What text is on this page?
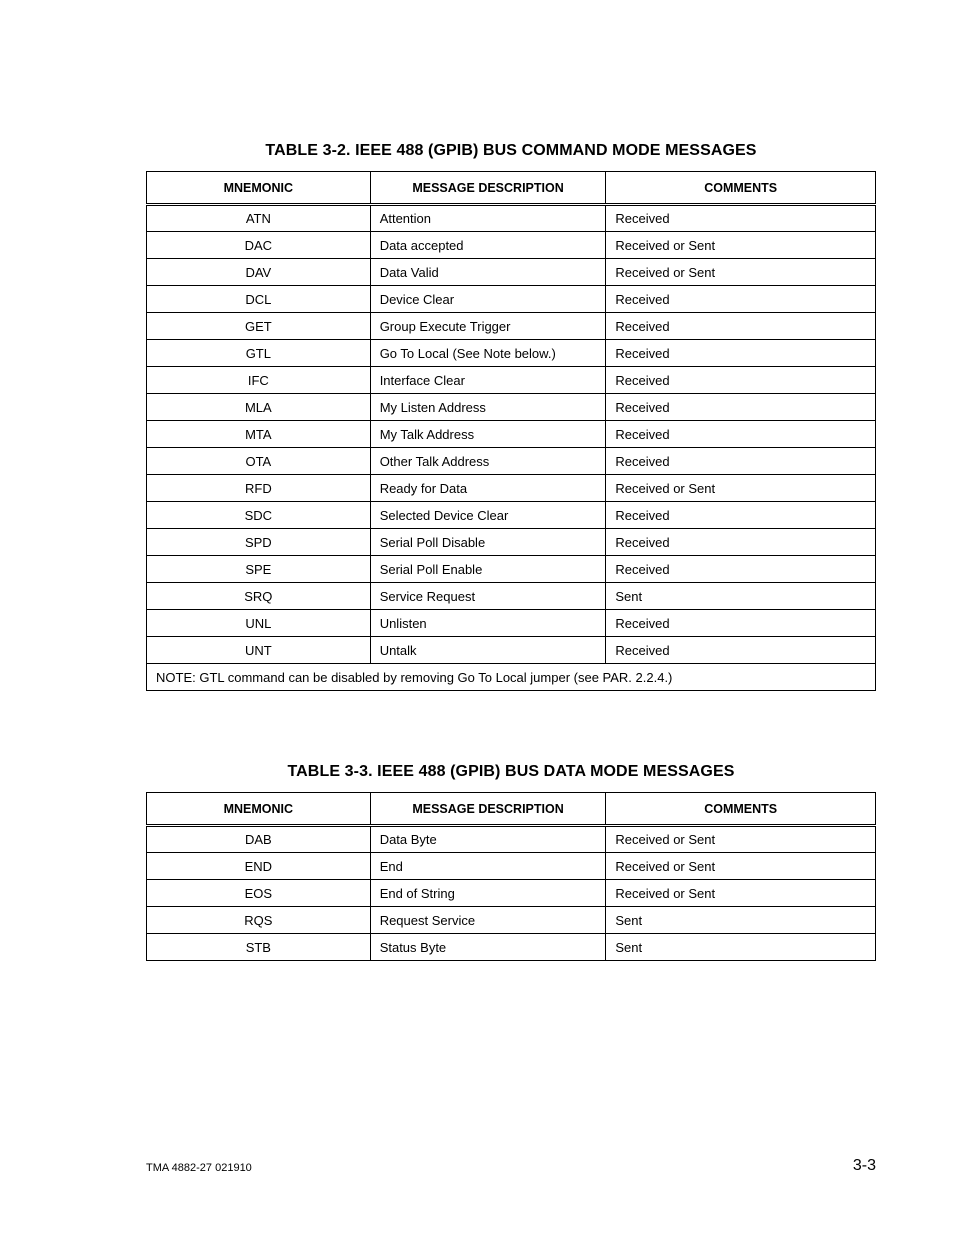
TABLE 3-2. IEEE 488 (GPIB) BUS COMMAND MODE MESSAGES
MNEMONIC	MESSAGE DESCRIPTION	COMMENTS
ATN	Attention	Received
DAC	Data accepted	Received or Sent
DAV	Data Valid	Received or Sent
DCL	Device Clear	Received
GET	Group Execute Trigger	Received
GTL	Go To Local (See Note below.)	Received
IFC	Interface Clear	Received
MLA	My Listen Address	Received
MTA	My Talk Address	Received
OTA	Other Talk Address	Received
RFD	Ready for Data	Received or Sent
SDC	Selected Device Clear	Received
SPD	Serial Poll Disable	Received
SPE	Serial Poll Enable	Received
SRQ	Service Request	Sent
UNL	Unlisten	Received
UNT	Untalk	Received
NOTE: GTL command can be disabled by removing Go To Local jumper (see PAR. 2.2.4.)		
TABLE 3-3. IEEE 488 (GPIB) BUS DATA MODE MESSAGES
MNEMONIC	MESSAGE DESCRIPTION	COMMENTS
DAB	Data Byte	Received or Sent
END	End	Received or Sent
EOS	End of String	Received or Sent
RQS	Request Service	Sent
STB	Status Byte	Sent
TMA 4882-27 021910	3-3
